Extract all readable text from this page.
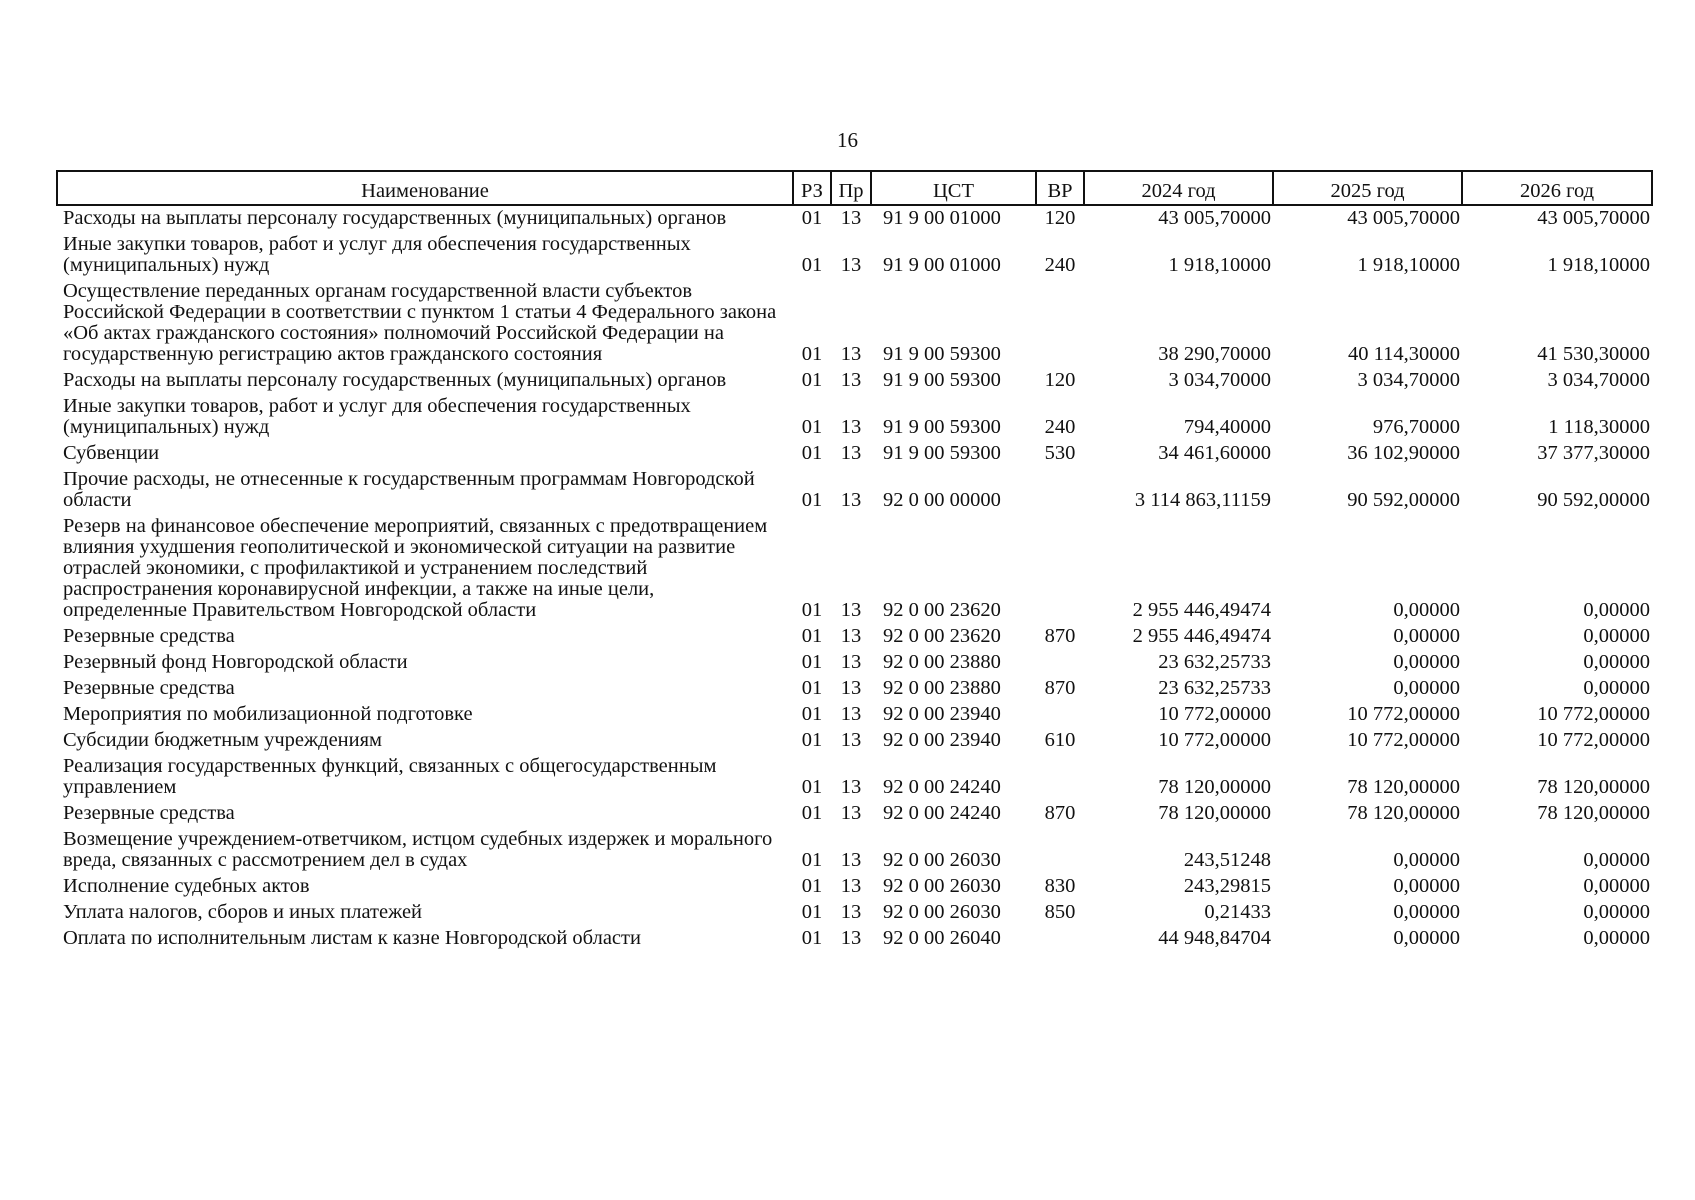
16
Наименование	РЗ	Пр	ЦСТ	ВР	2024 год	2025 год	2026 год
Расходы на выплаты персоналу государственных (муниципальных) органов	01	13	91 9 00 01000	120	43 005,70000	43 005,70000	43 005,70000
Иные закупки товаров, работ и услуг для обеспечения государственных (муниципальных) нужд	01	13	91 9 00 01000	240	1 918,10000	1 918,10000	1 918,10000
Осуществление переданных органам государственной власти субъектов Российской Федерации в соответствии с пунктом 1 статьи 4 Федерального закона «Об актах гражданского состояния» полномочий Российской Федерации на государственную регистрацию актов гражданского состояния	01	13	91 9 00 59300		38 290,70000	40 114,30000	41 530,30000
Расходы на выплаты персоналу государственных (муниципальных) органов	01	13	91 9 00 59300	120	3 034,70000	3 034,70000	3 034,70000
Иные закупки товаров, работ и услуг для обеспечения государственных (муниципальных) нужд	01	13	91 9 00 59300	240	794,40000	976,70000	1 118,30000
Субвенции	01	13	91 9 00 59300	530	34 461,60000	36 102,90000	37 377,30000
Прочие расходы, не отнесенные к государственным программам Новгородской области	01	13	92 0 00 00000		3 114 863,11159	90 592,00000	90 592,00000
Резерв на финансовое обеспечение мероприятий, связанных с предотвращением влияния ухудшения геополитической и экономической ситуации на развитие отраслей экономики, с профилактикой и устранением последствий распространения коронавирусной инфекции, а также на иные цели, определенные Правительством Новгородской области	01	13	92 0 00 23620		2 955 446,49474	0,00000	0,00000
Резервные средства	01	13	92 0 00 23620	870	2 955 446,49474	0,00000	0,00000
Резервный фонд Новгородской области	01	13	92 0 00 23880		23 632,25733	0,00000	0,00000
Резервные средства	01	13	92 0 00 23880	870	23 632,25733	0,00000	0,00000
Мероприятия по мобилизационной подготовке	01	13	92 0 00 23940		10 772,00000	10 772,00000	10 772,00000
Субсидии бюджетным учреждениям	01	13	92 0 00 23940	610	10 772,00000	10 772,00000	10 772,00000
Реализация государственных функций, связанных с общегосударственным управлением	01	13	92 0 00 24240		78 120,00000	78 120,00000	78 120,00000
Резервные средства	01	13	92 0 00 24240	870	78 120,00000	78 120,00000	78 120,00000
Возмещение учреждением-ответчиком, истцом судебных издержек и морального вреда, связанных с рассмотрением дел в судах	01	13	92 0 00 26030		243,51248	0,00000	0,00000
Исполнение судебных актов	01	13	92 0 00 26030	830	243,29815	0,00000	0,00000
Уплата налогов, сборов и иных платежей	01	13	92 0 00 26030	850	0,21433	0,00000	0,00000
Оплата по исполнительным листам к казне Новгородской области	01	13	92 0 00 26040		44 948,84704	0,00000	0,00000
